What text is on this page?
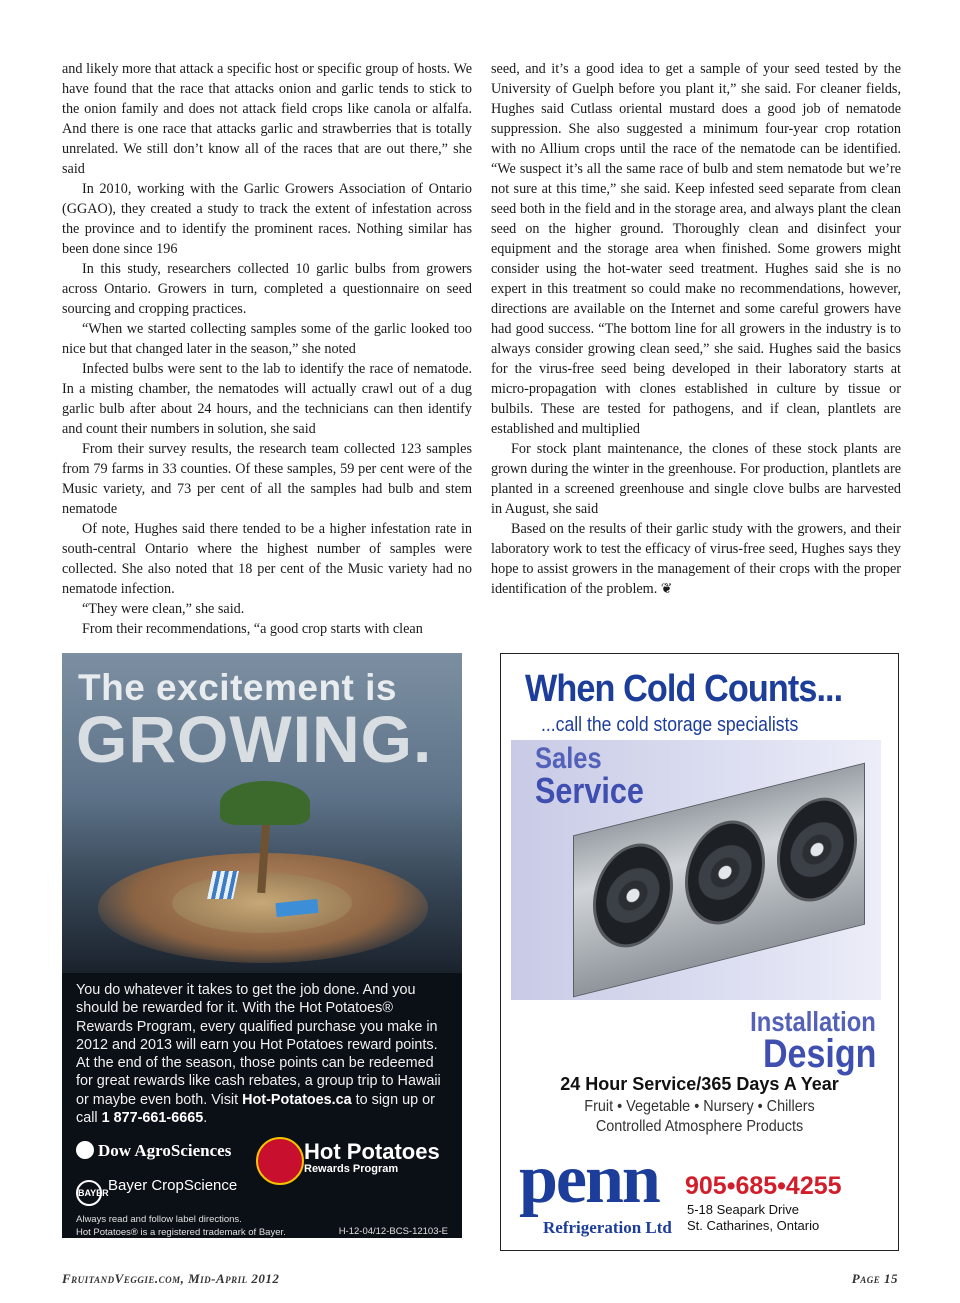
and likely more that attack a specific host or specific group of hosts. We have found that the race that attacks onion and garlic tends to stick to the onion family and does not attack field crops like canola or alfalfa. And there is one race that attacks garlic and strawberries that is totally unrelated. We still don’t know all of the races that are out there,” she said

In 2010, working with the Garlic Growers Association of Ontario (GGAO), they created a study to track the extent of infestation across the province and to identify the prominent races. Nothing similar has been done since 196

In this study, researchers collected 10 garlic bulbs from growers across Ontario. Growers in turn, completed a questionnaire on seed sourcing and cropping practices.

“When we started collecting samples some of the garlic looked too nice but that changed later in the season,” she noted

Infected bulbs were sent to the lab to identify the race of nematode. In a misting chamber, the nematodes will actually crawl out of a dug garlic bulb after about 24 hours, and the technicians can then identify and count their numbers in solution, she said

From their survey results, the research team collected 123 samples from 79 farms in 33 counties. Of these samples, 59 per cent were of the Music variety, and 73 per cent of all the samples had bulb and stem nematode

Of note, Hughes said there tended to be a higher infestation rate in south-central Ontario where the highest number of samples were collected. She also noted that 18 per cent of the Music variety had no nematode infection.

“They were clean,” she said.

From their recommendations, “a good crop starts with clean

seed, and it’s a good idea to get a sample of your seed tested by the University of Guelph before you plant it,” she said. For cleaner fields, Hughes said Cutlass oriental mustard does a good job of nematode suppression. She also suggested a minimum four-year crop rotation with no Allium crops until the race of the nematode can be identified. “We suspect it’s all the same race of bulb and stem nematode but we’re not sure at this time,” she said. Keep infested seed separate from clean seed both in the field and in the storage area, and always plant the clean seed on the higher ground. Thoroughly clean and disinfect your equipment and the storage area when finished. Some growers might consider using the hot-water seed treatment. Hughes said she is no expert in this treatment so could make no recommendations, however, directions are available on the Internet and some careful growers have had good success. “The bottom line for all growers in the industry is to always consider growing clean seed,” she said. Hughes said the basics for the virus-free seed being developed in their laboratory starts at micro-propagation with clones established in culture by tissue or bulbils. These are tested for pathogens, and if clean, plantlets are established and multiplied

For stock plant maintenance, the clones of these stock plants are grown during the winter in the greenhouse. For production, plantlets are planted in a screened greenhouse and single clove bulbs are harvested in August, she said

Based on the results of their garlic study with the growers, and their laboratory work to test the efficacy of virus-free seed, Hughes says they hope to assist growers in the management of their crops with the proper identification of the problem. ❦

The excitement is
GROWING.
You do whatever it takes to get the job done. And you should be rewarded for it. With the Hot Potatoes® Rewards Program, every qualified purchase you make in 2012 and 2013 will earn you Hot Potatoes reward points. At the end of the season, those points can be redeemed for great rewards like cash rebates, a group trip to Hawaii or maybe even both. Visit Hot-Potatoes.ca to sign up or call 1 877-661-6665.
Dow AgroSciences
BAYERBayer CropScience
Hot Potatoes
Rewards Program
Always read and follow label directions.
Hot Potatoes® is a registered trademark of Bayer.	H-12-04/12-BCS-12103-E
When Cold Counts...
...call the cold storage specialists
Sales
Service
Installation
Design
24 Hour Service/365 Days A Year
Fruit • Vegetable • Nursery • Chillers
Controlled Atmosphere Products
penn
Refrigeration Ltd
905•685•4255
5-18 Seapark Drive
St. Catharines, Ontario
FruitandVeggie.com, Mid-April 2012	Page 15
